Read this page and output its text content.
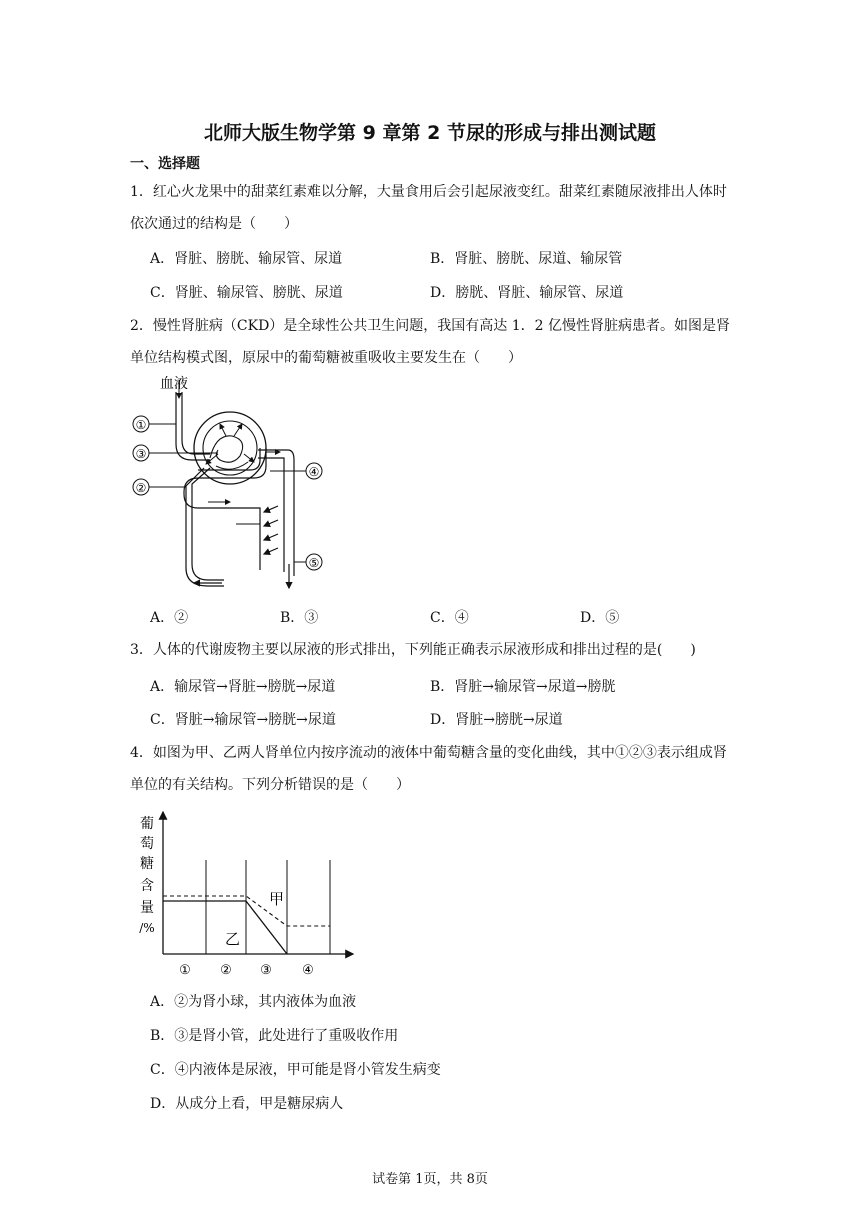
北师大版生物学第 9 章第 2 节尿的形成与排出测试题
一、选择题
1．红心火龙果中的甜菜红素难以分解，大量食用后会引起尿液变红。甜菜红素随尿液排出人体时依次通过的结构是（　　）
A．肾脏、膀胱、输尿管、尿道	B．肾脏、膀胱、尿道、输尿管
C．肾脏、输尿管、膀胱、尿道	D．膀胱、肾脏、输尿管、尿道
2．慢性肾脏病（CKD）是全球性公共卫生问题，我国有高达 1．2 亿慢性肾脏病患者。如图是肾单位结构模式图，原尿中的葡萄糖被重吸收主要发生在（　　）
血液
①
③
②
④
⑤
A．②	B．③	C．④	D．⑤
3．人体的代谢废物主要以尿液的形式排出，下列能正确表示尿液形成和排出过程的是(　　)
A．输尿管→肾脏→膀胱→尿道	B．肾脏→输尿管→尿道→膀胱
C．肾脏→输尿管→膀胱→尿道	D．肾脏→膀胱→尿道
4．如图为甲、乙两人肾单位内按序流动的液体中葡萄糖含量的变化曲线，其中①②③表示组成肾单位的有关结构。下列分析错误的是（　　）
葡
萄
糖
含
量
/%
甲
乙
① ② ③ ④
A．②为肾小球，其内液体为血液
B．③是肾小管，此处进行了重吸收作用
C．④内液体是尿液，甲可能是肾小管发生病变
D．从成分上看，甲是糖尿病人
试卷第 1页，共 8页
